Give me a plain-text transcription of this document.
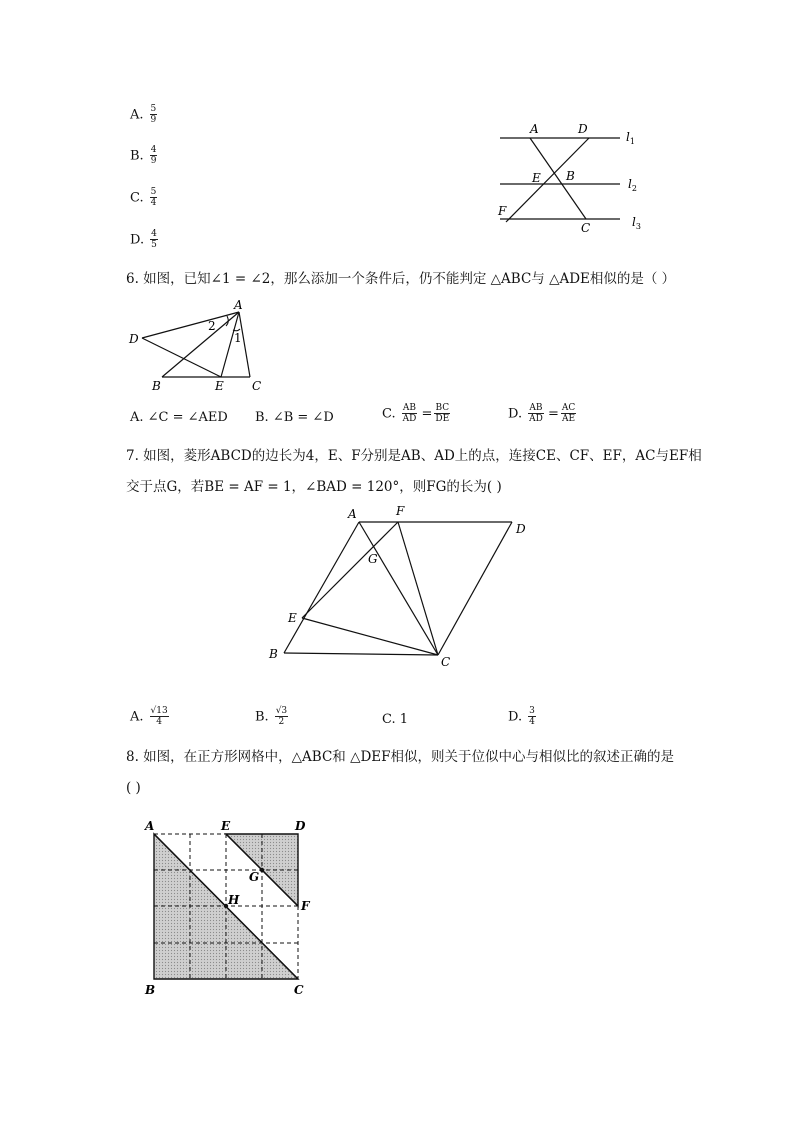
A. $\frac{5}{9}$
B. $\frac{4}{9}$
C. $\frac{5}{4}$
D. $\frac{4}{5}$
A	D
E B
F
C
$l_1$
$l_2$
$l_3$
6. 如图，已知∠1 = ∠2，那么添加一个条件后，仍不能判定 △ABC与 △ADE相似的是（ ）
A
D
B	E C
2
1
A. ∠C = ∠AED B. ∠B = ∠D	C. $\frac{AB}{AD} = \frac{BC}{DE}$	D. $\frac{AB}{AD} = \frac{AC}{AE}$
7. 如图，菱形ABCD的边长为4，E、F分别是AB、AD上的点，连接CE、CF、EF，AC与EF相
交于点G，若BE = AF = 1，∠BAD = 120°，则FG的长为( )
A	F
D
G
E
B
C
A. $\frac{√13}{4}$	B. $\frac{√3}{2}$	C. 1	D. $\frac{3}{4}$
8. 如图，在正方形网格中，△ABC和 △DEF相似，则关于位似中心与相似比的叙述正确的是
( )
A	E	D
G
H	F
B	C
